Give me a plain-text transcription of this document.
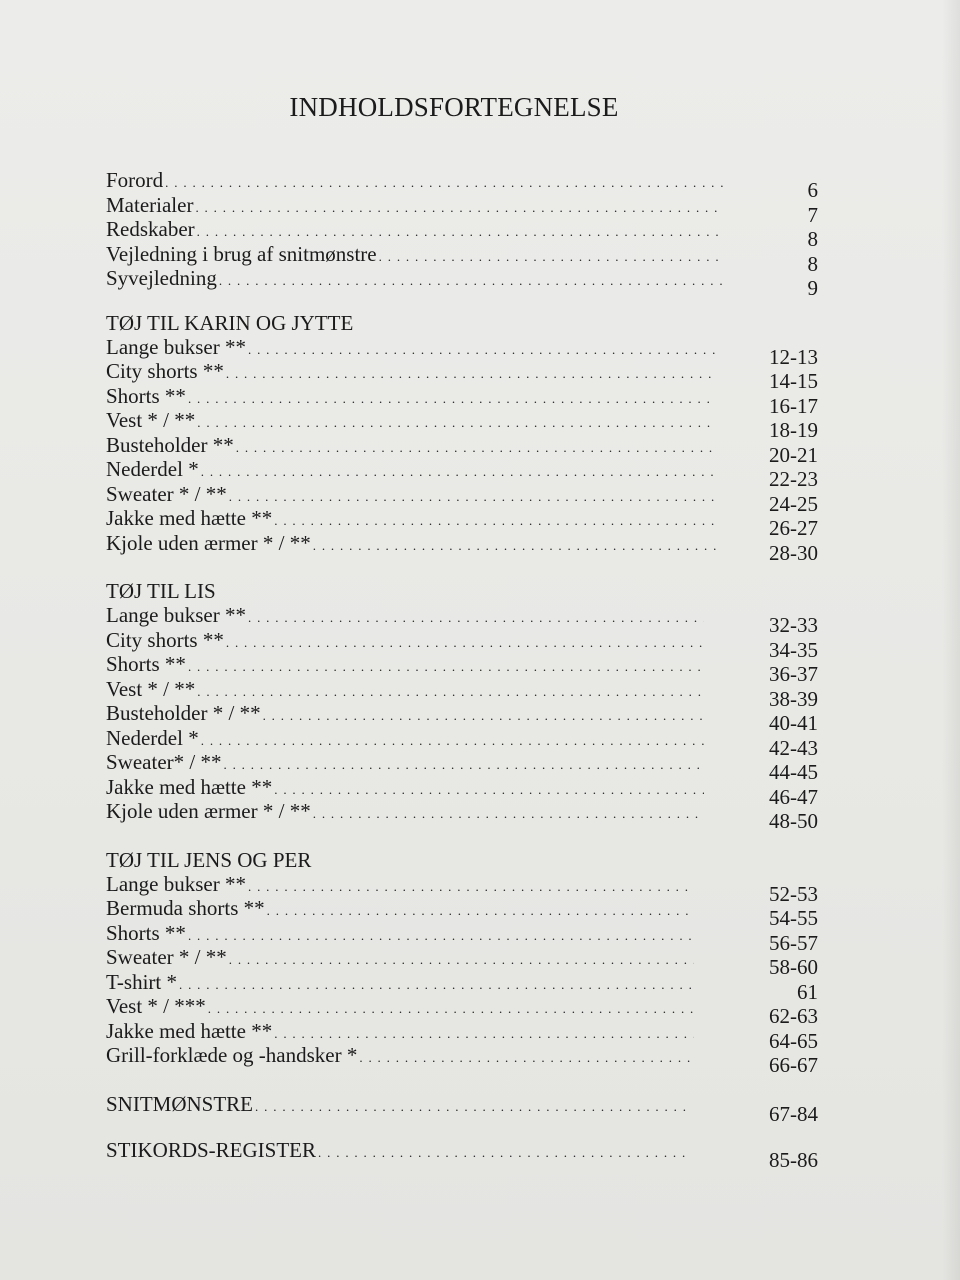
INDHOLDSFORTEGNELSE
Forord . . .	6
Materialer . . .	7
Redskaber . . .	8
Vejledning i brug af snitmønstre . . .	8
Syvejledning . . .	9
TØJ TIL KARIN OG JYTTE
Lange bukser ** . . .	12-13
City shorts ** . . .	14-15
Shorts ** . . .	16-17
Vest * / ** . . .	18-19
Busteholder ** . . .	20-21
Nederdel * . . .	22-23
Sweater * / ** . . .	24-25
Jakke med hætte ** . . .	26-27
Kjole uden ærmer * / ** . . .	28-30
TØJ TIL LIS
Lange bukser ** . . .	32-33
City shorts ** . . .	34-35
Shorts ** . . .	36-37
Vest * / ** . . .	38-39
Busteholder * / ** . . .	40-41
Nederdel * . . .	42-43
Sweater* / ** . . .	44-45
Jakke med hætte ** . . .	46-47
Kjole uden ærmer * / ** . . .	48-50
TØJ TIL JENS OG PER
Lange bukser ** . . .	52-53
Bermuda shorts ** . . .	54-55
Shorts ** . . .	56-57
Sweater * / ** . . .	58-60
T-shirt * . . .	61
Vest * / *** . . .	62-63
Jakke med hætte ** . . .	64-65
Grill-forklæde og -handsker * . . .	66-67
SNITMØNSTRE . . .	67-84
STIKORDS-REGISTER . . .	85-86
